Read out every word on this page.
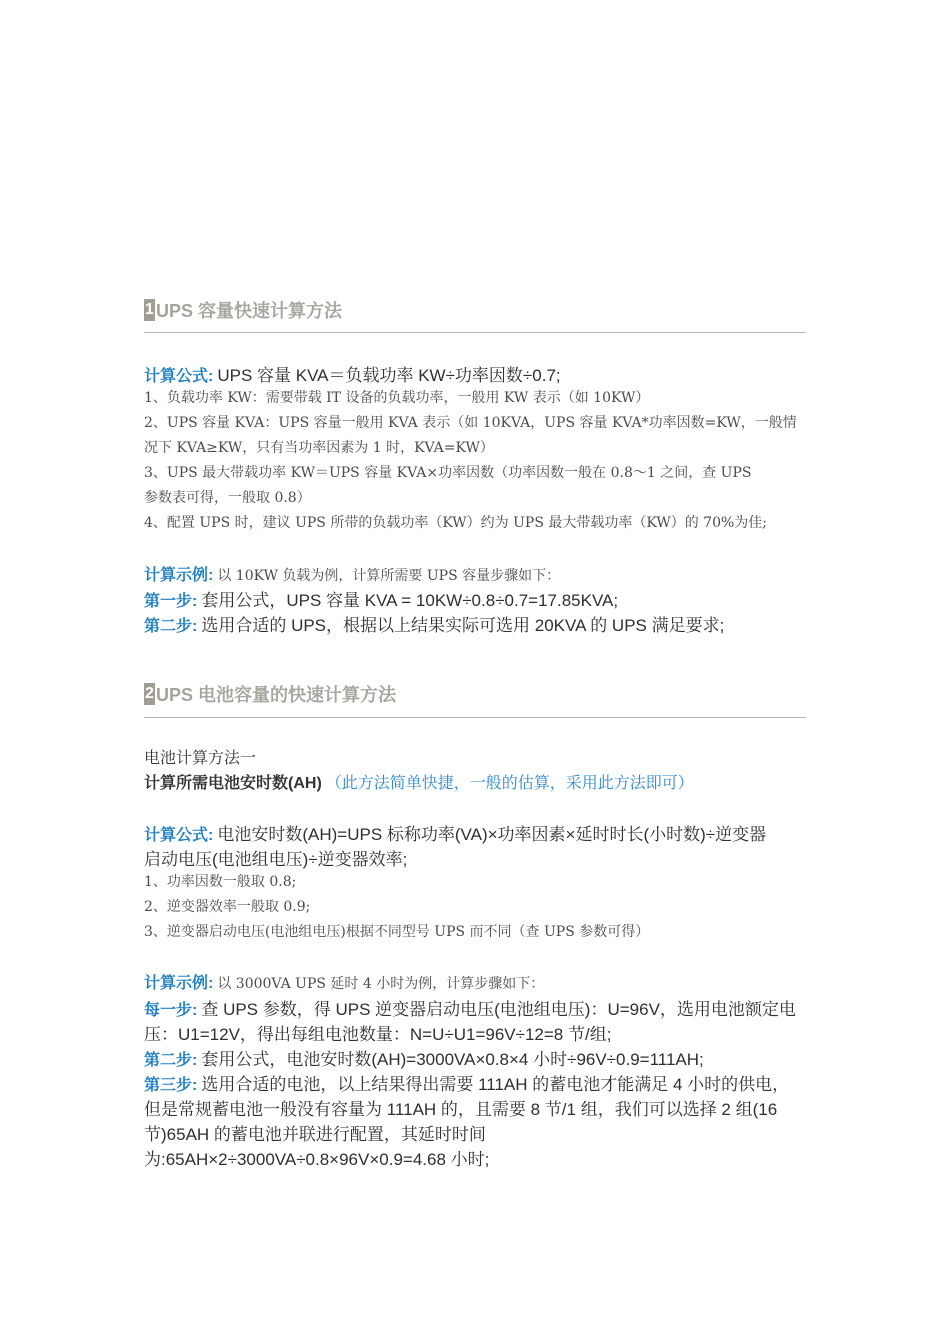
1 UPS 容量快速计算方法
计算公式: UPS 容量 KVA＝负载功率 KW÷功率因数÷0.7;
1、负载功率 KW：需要带载 IT 设备的负载功率，一般用 KW 表示（如 10KW）
2、UPS 容量 KVA：UPS 容量一般用 KVA 表示（如 10KVA，UPS 容量 KVA*功率因数=KW，一般情
况下 KVA≥KW，只有当功率因素为 1 时，KVA=KW）
3、UPS 最大带载功率 KW＝UPS 容量 KVA×功率因数（功率因数一般在 0.8～1 之间，查 UPS
参数表可得，一般取 0.8）
4、配置 UPS 时，建议 UPS 所带的负载功率（KW）约为 UPS 最大带载功率（KW）的 70%为佳;
计算示例: 以 10KW 负载为例，计算所需要 UPS 容量步骤如下：
第一步: 套用公式，UPS 容量 KVA = 10KW÷0.8÷0.7=17.85KVA;
第二步: 选用合适的 UPS，根据以上结果实际可选用 20KVA 的 UPS 满足要求;
2 UPS 电池容量的快速计算方法
电池计算方法一
计算所需电池安时数(AH) （此方法简单快捷，一般的估算，采用此方法即可）
计算公式: 电池安时数(AH)=UPS 标称功率(VA)×功率因素×延时时长(小时数)÷逆变器
启动电压(电池组电压)÷逆变器效率;
1、功率因数一般取 0.8;
2、逆变器效率一般取 0.9;
3、逆变器启动电压(电池组电压)根据不同型号 UPS 而不同（查 UPS 参数可得）
计算示例: 以 3000VA UPS 延时 4 小时为例，计算步骤如下：
每一步: 查 UPS 参数，得 UPS 逆变器启动电压(电池组电压)：U=96V，选用电池额定电
压：U1=12V，得出每组电池数量：N=U÷U1=96V÷12=8 节/组;
第二步: 套用公式，电池安时数(AH)=3000VA×0.8×4 小时÷96V÷0.9=111AH;
第三步: 选用合适的电池，以上结果得出需要 111AH 的蓄电池才能满足 4 小时的供电，
但是常规蓄电池一般没有容量为 111AH 的，且需要 8 节/1 组，我们可以选择 2 组(16
节)65AH 的蓄电池并联进行配置，其延时时间
为:65AH×2÷3000VA÷0.8×96V×0.9=4.68 小时;
